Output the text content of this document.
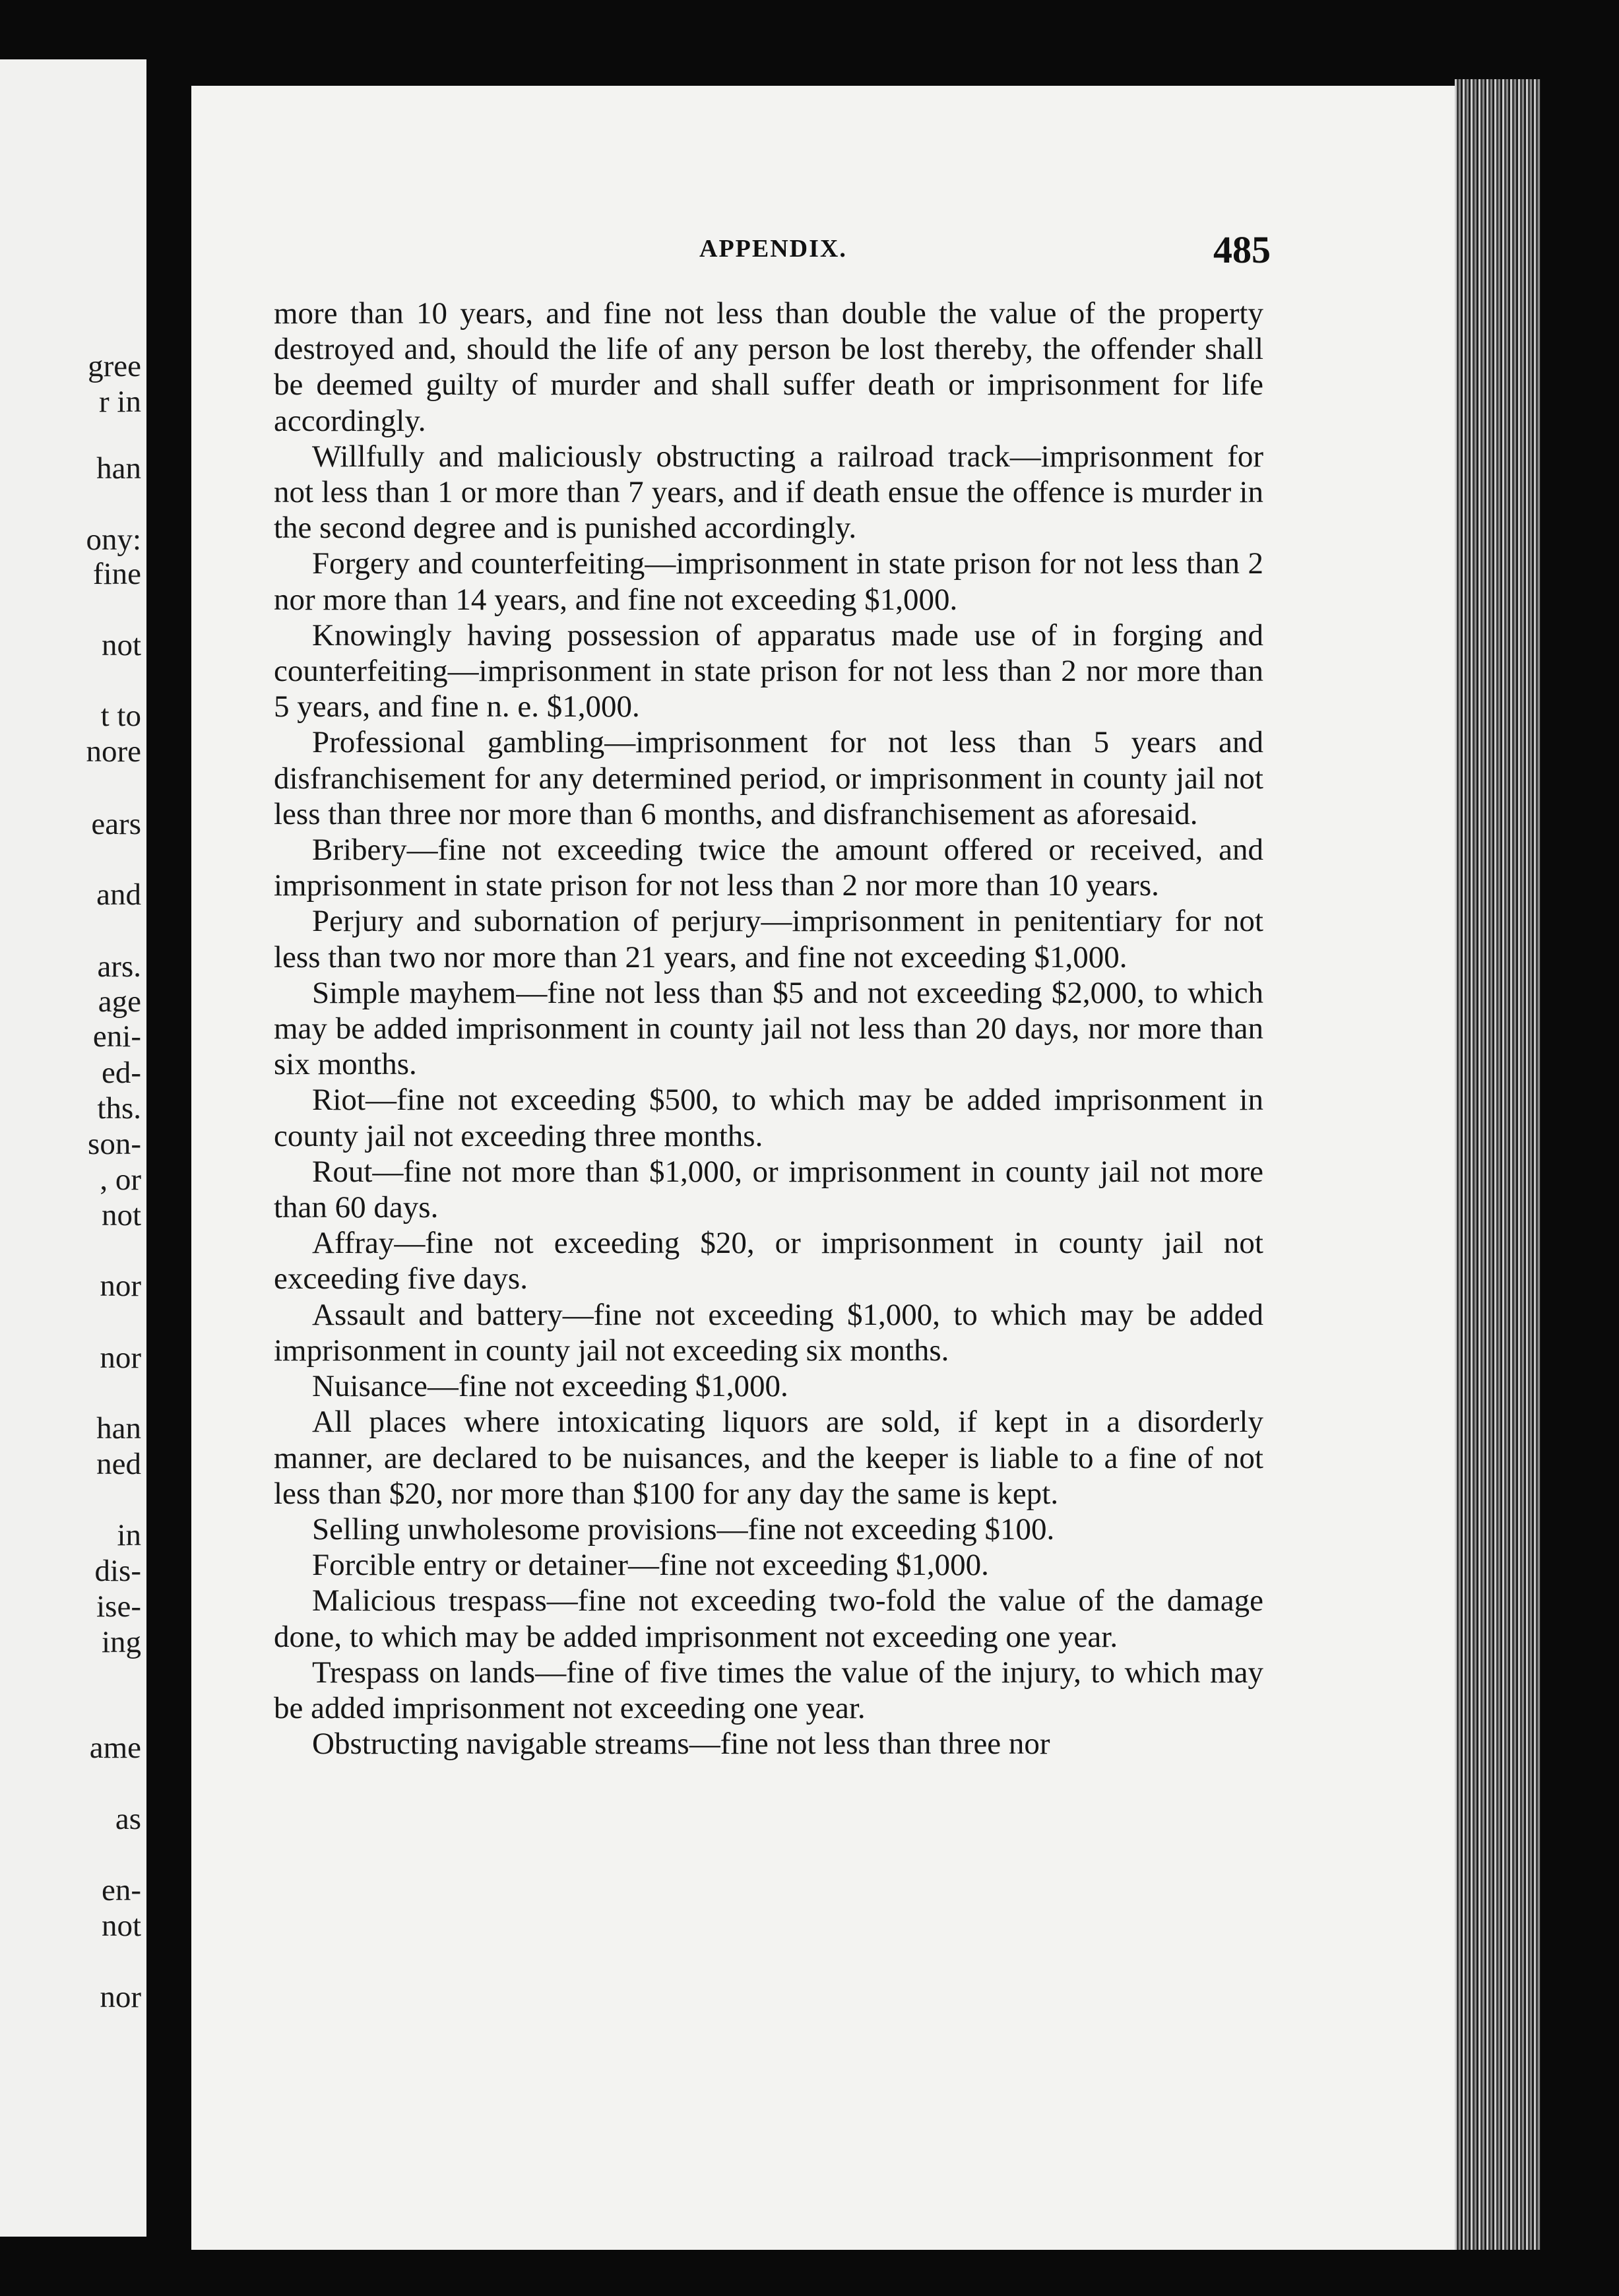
gree

r in

han

ony:

fine

not

t to

nore

ears

and

ars.

age

eni-

ed-

ths.

son-

, or

not

nor

nor

han

ned

in

dis-

ise-

ing

ame

as

en-

not

nor

APPENDIX.	485

more than 10 years, and fine not less than double the value of the property destroyed and, should the life of any person be lost thereby, the offender shall be deemed guilty of murder and shall suffer death or imprisonment for life accordingly.

Willfully and maliciously obstructing a railroad track—imprisonment for not less than 1 or more than 7 years, and if death ensue the offence is murder in the second degree and is punished accordingly.

Forgery and counterfeiting—imprisonment in state prison for not less than 2 nor more than 14 years, and fine not exceeding $1,000.

Knowingly having possession of apparatus made use of in forging and counterfeiting—imprisonment in state prison for not less than 2 nor more than 5 years, and fine n. e. $1,000.

Professional gambling—imprisonment for not less than 5 years and disfranchisement for any determined period, or imprisonment in county jail not less than three nor more than 6 months, and disfranchisement as aforesaid.

Bribery—fine not exceeding twice the amount offered or received, and imprisonment in state prison for not less than 2 nor more than 10 years.

Perjury and subornation of perjury—imprisonment in penitentiary for not less than two nor more than 21 years, and fine not exceeding $1,000.

Simple mayhem—fine not less than $5 and not exceeding $2,000, to which may be added imprisonment in county jail not less than 20 days, nor more than six months.

Riot—fine not exceeding $500, to which may be added imprisonment in county jail not exceeding three months.

Rout—fine not more than $1,000, or imprisonment in county jail not more than 60 days.

Affray—fine not exceeding $20, or imprisonment in county jail not exceeding five days.

Assault and battery—fine not exceeding $1,000, to which may be added imprisonment in county jail not exceeding six months.

Nuisance—fine not exceeding $1,000.

All places where intoxicating liquors are sold, if kept in a disorderly manner, are declared to be nuisances, and the keeper is liable to a fine of not less than $20, nor more than $100 for any day the same is kept.

Selling unwholesome provisions—fine not exceeding $100.

Forcible entry or detainer—fine not exceeding $1,000.

Malicious trespass—fine not exceeding two-fold the value of the damage done, to which may be added imprisonment not exceeding one year.

Trespass on lands—fine of five times the value of the injury, to which may be added imprisonment not exceeding one year.

Obstructing navigable streams—fine not less than three nor
